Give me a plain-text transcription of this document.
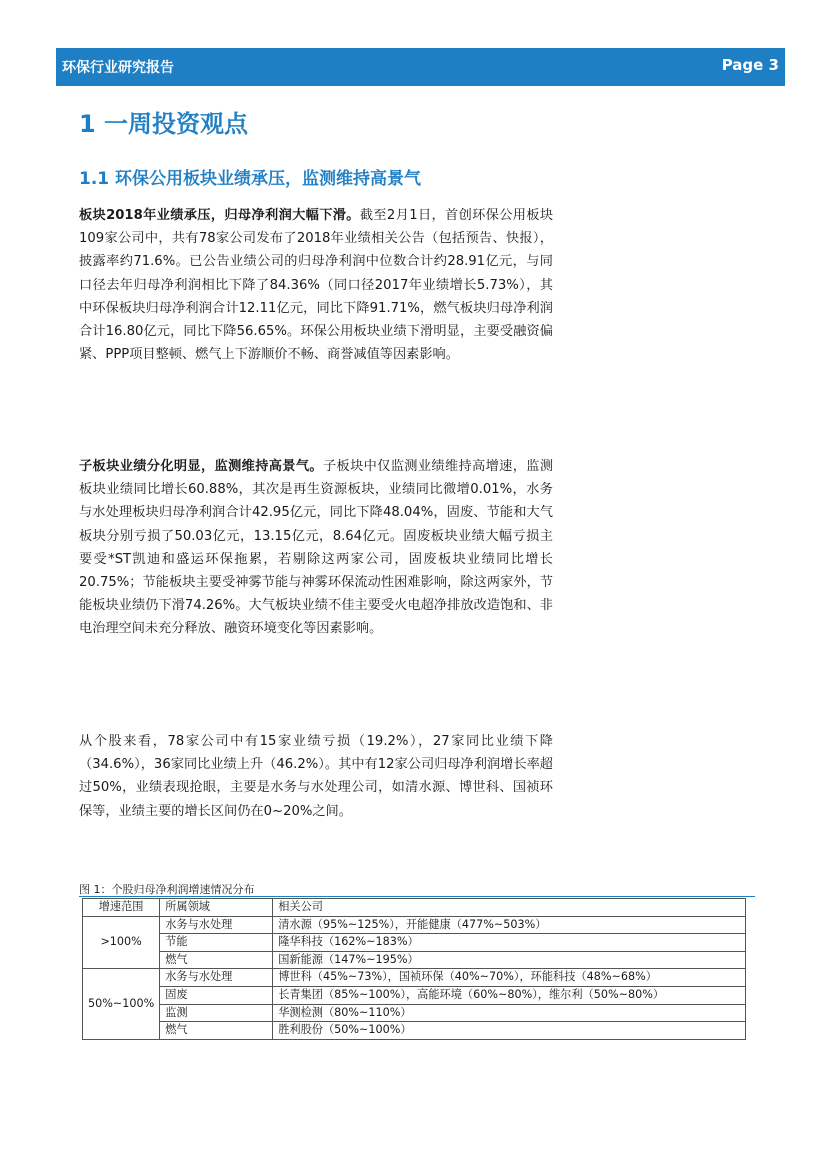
环保行业研究报告	Page 3
1 一周投资观点
1.1 环保公用板块业绩承压，监测维持高景气
板块2018年业绩承压，归母净利润大幅下滑。截至2月1日，首创环保公用板块109家公司中，共有78家公司发布了2018年业绩相关公告（包括预告、快报），披露率约71.6%。已公告业绩公司的归母净利润中位数合计约28.91亿元，与同口径去年归母净利润相比下降了84.36%（同口径2017年业绩增长5.73%），其中环保板块归母净利润合计12.11亿元，同比下降91.71%，燃气板块归母净利润合计16.80亿元，同比下降56.65%。环保公用板块业绩下滑明显，主要受融资偏紧、PPP项目整顿、燃气上下游顺价不畅、商誉减值等因素影响。
子板块业绩分化明显，监测维持高景气。子板块中仅监测业绩维持高增速，监测板块业绩同比增长60.88%，其次是再生资源板块，业绩同比微增0.01%，水务与水处理板块归母净利润合计42.95亿元，同比下降48.04%，固废、节能和大气板块分别亏损了50.03亿元，13.15亿元，8.64亿元。固废板块业绩大幅亏损主要受*ST凯迪和盛运环保拖累，若剔除这两家公司，固废板块业绩同比增长20.75%；节能板块主要受神雾节能与神雾环保流动性困难影响，除这两家外，节能板块业绩仍下滑74.26%。大气板块业绩不佳主要受火电超净排放改造饱和、非电治理空间未充分释放、融资环境变化等因素影响。
从个股来看，78家公司中有15家业绩亏损（19.2%），27家同比业绩下降（34.6%），36家同比业绩上升（46.2%）。其中有12家公司归母净利润增长率超过50%，业绩表现抢眼，主要是水务与水处理公司，如清水源、博世科、国祯环保等，业绩主要的增长区间仍在0~20%之间。
图 1：个股归母净利润增速情况分布
增速范围	所属领域	相关公司
>100%	水务与水处理	清水源（95%~125%），开能健康（477%~503%）
	节能	隆华科技（162%~183%）
	燃气	国新能源（147%~195%）
50%~100%	水务与水处理	博世科（45%~73%），国祯环保（40%~70%），环能科技（48%~68%）
	固废	长青集团（85%~100%），高能环境（60%~80%），维尔利（50%~80%）
	监测	华测检测（80%~110%）
	燃气	胜利股份（50%~100%）
